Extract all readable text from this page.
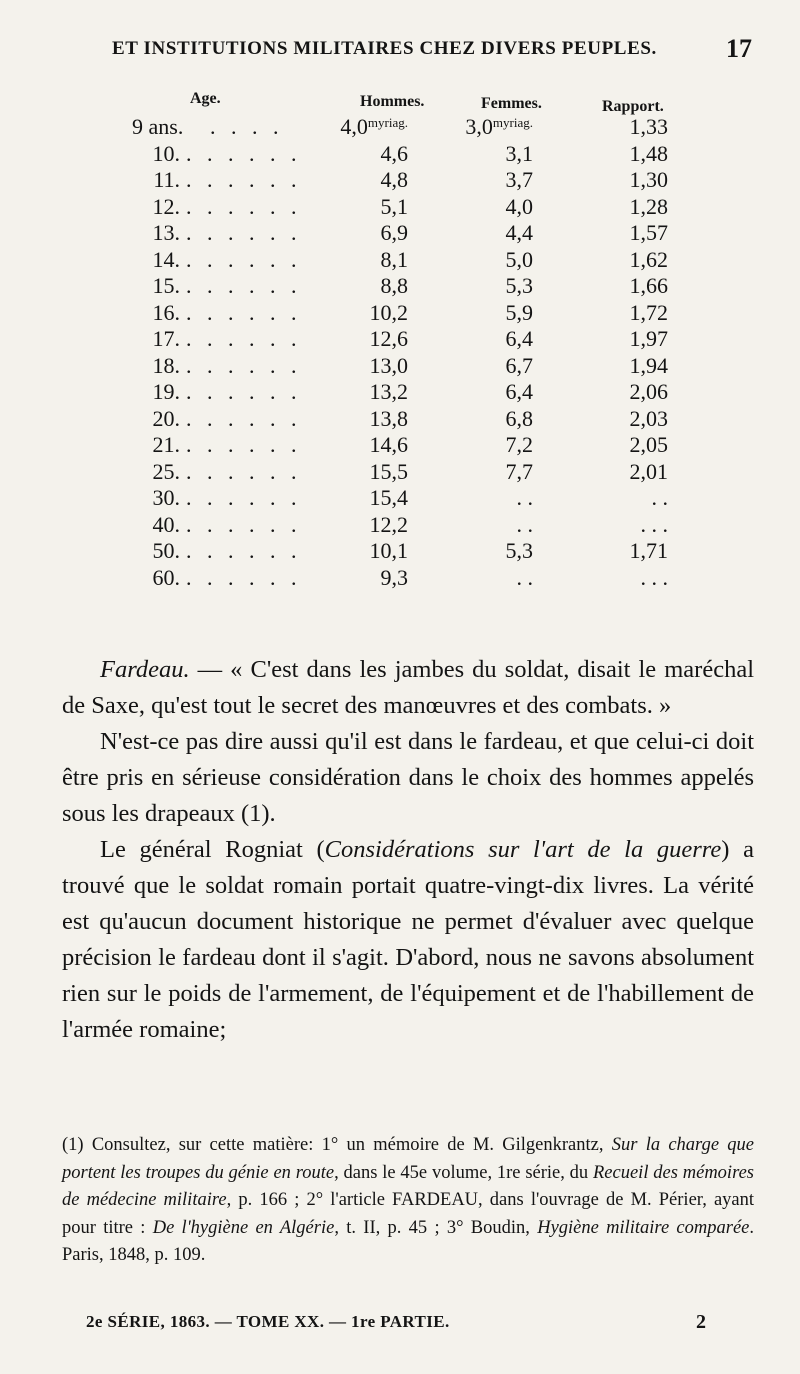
ET INSTITUTIONS MILITAIRES CHEZ DIVERS PEUPLES.	17
Age.	Hommes.	Femmes.	Rapport.
9 ans.	. . . .	$4,0^{myriag.}$	$3,0^{myriag.}$	1,33
10. . . . . . .	4,6	3,1	1,48
11. . . . . . .	4,8	3,7	1,30
12. . . . . . .	5,1	4,0	1,28
13. . . . . . .	6,9	4,4	1,57
14. . . . . . .	8,1	5,0	1,62
15. . . . . . .	8,8	5,3	1,66
16. . . . . . .	10,2	5,9	1,72
17. . . . . . .	12,6	6,4	1,97
18. . . . . . .	13,0	6,7	1,94
19. . . . . . .	13,2	6,4	2,06
20. . . . . . .	13,8	6,8	2,03
21. . . . . . .	14,6	7,2	2,05
25. . . . . . .	15,5	7,7	2,01
30. . . . . . .	15,4	. .	. .
40. . . . . . .	12,2	. .	. . .
50. . . . . . .	10,1	5,3	1,71
60. . . . . . .	9,3	. .	. . .

Fardeau. — « C'est dans les jambes du soldat, disait le maréchal de Saxe, qu'est tout le secret des manœuvres et des combats. »

N'est-ce pas dire aussi qu'il est dans le fardeau, et que celui-ci doit être pris en sérieuse considération dans le choix des hommes appelés sous les drapeaux (1).

Le général Rogniat (Considérations sur l'art de la guerre) a trouvé que le soldat romain portait quatre-vingt-dix livres. La vérité est qu'aucun document historique ne permet d'évaluer avec quelque précision le fardeau dont il s'agit. D'abord, nous ne savons absolument rien sur le poids de l'armement, de l'équipement et de l'habillement de l'armée romaine;

(1) Consultez, sur cette matière: 1° un mémoire de M. Gilgenkrantz, Sur la charge que portent les troupes du génie en route, dans le 45e volume, 1re série, du Recueil des mémoires de médecine militaire, p. 166 ; 2° l'article FARDEAU, dans l'ouvrage de M. Périer, ayant pour titre : De l'hygiène en Algérie, t. II, p. 45 ; 3° Boudin, Hygiène militaire comparée. Paris, 1848, p. 109.

2e SÉRIE, 1863. — TOME XX. — 1re PARTIE.	2
